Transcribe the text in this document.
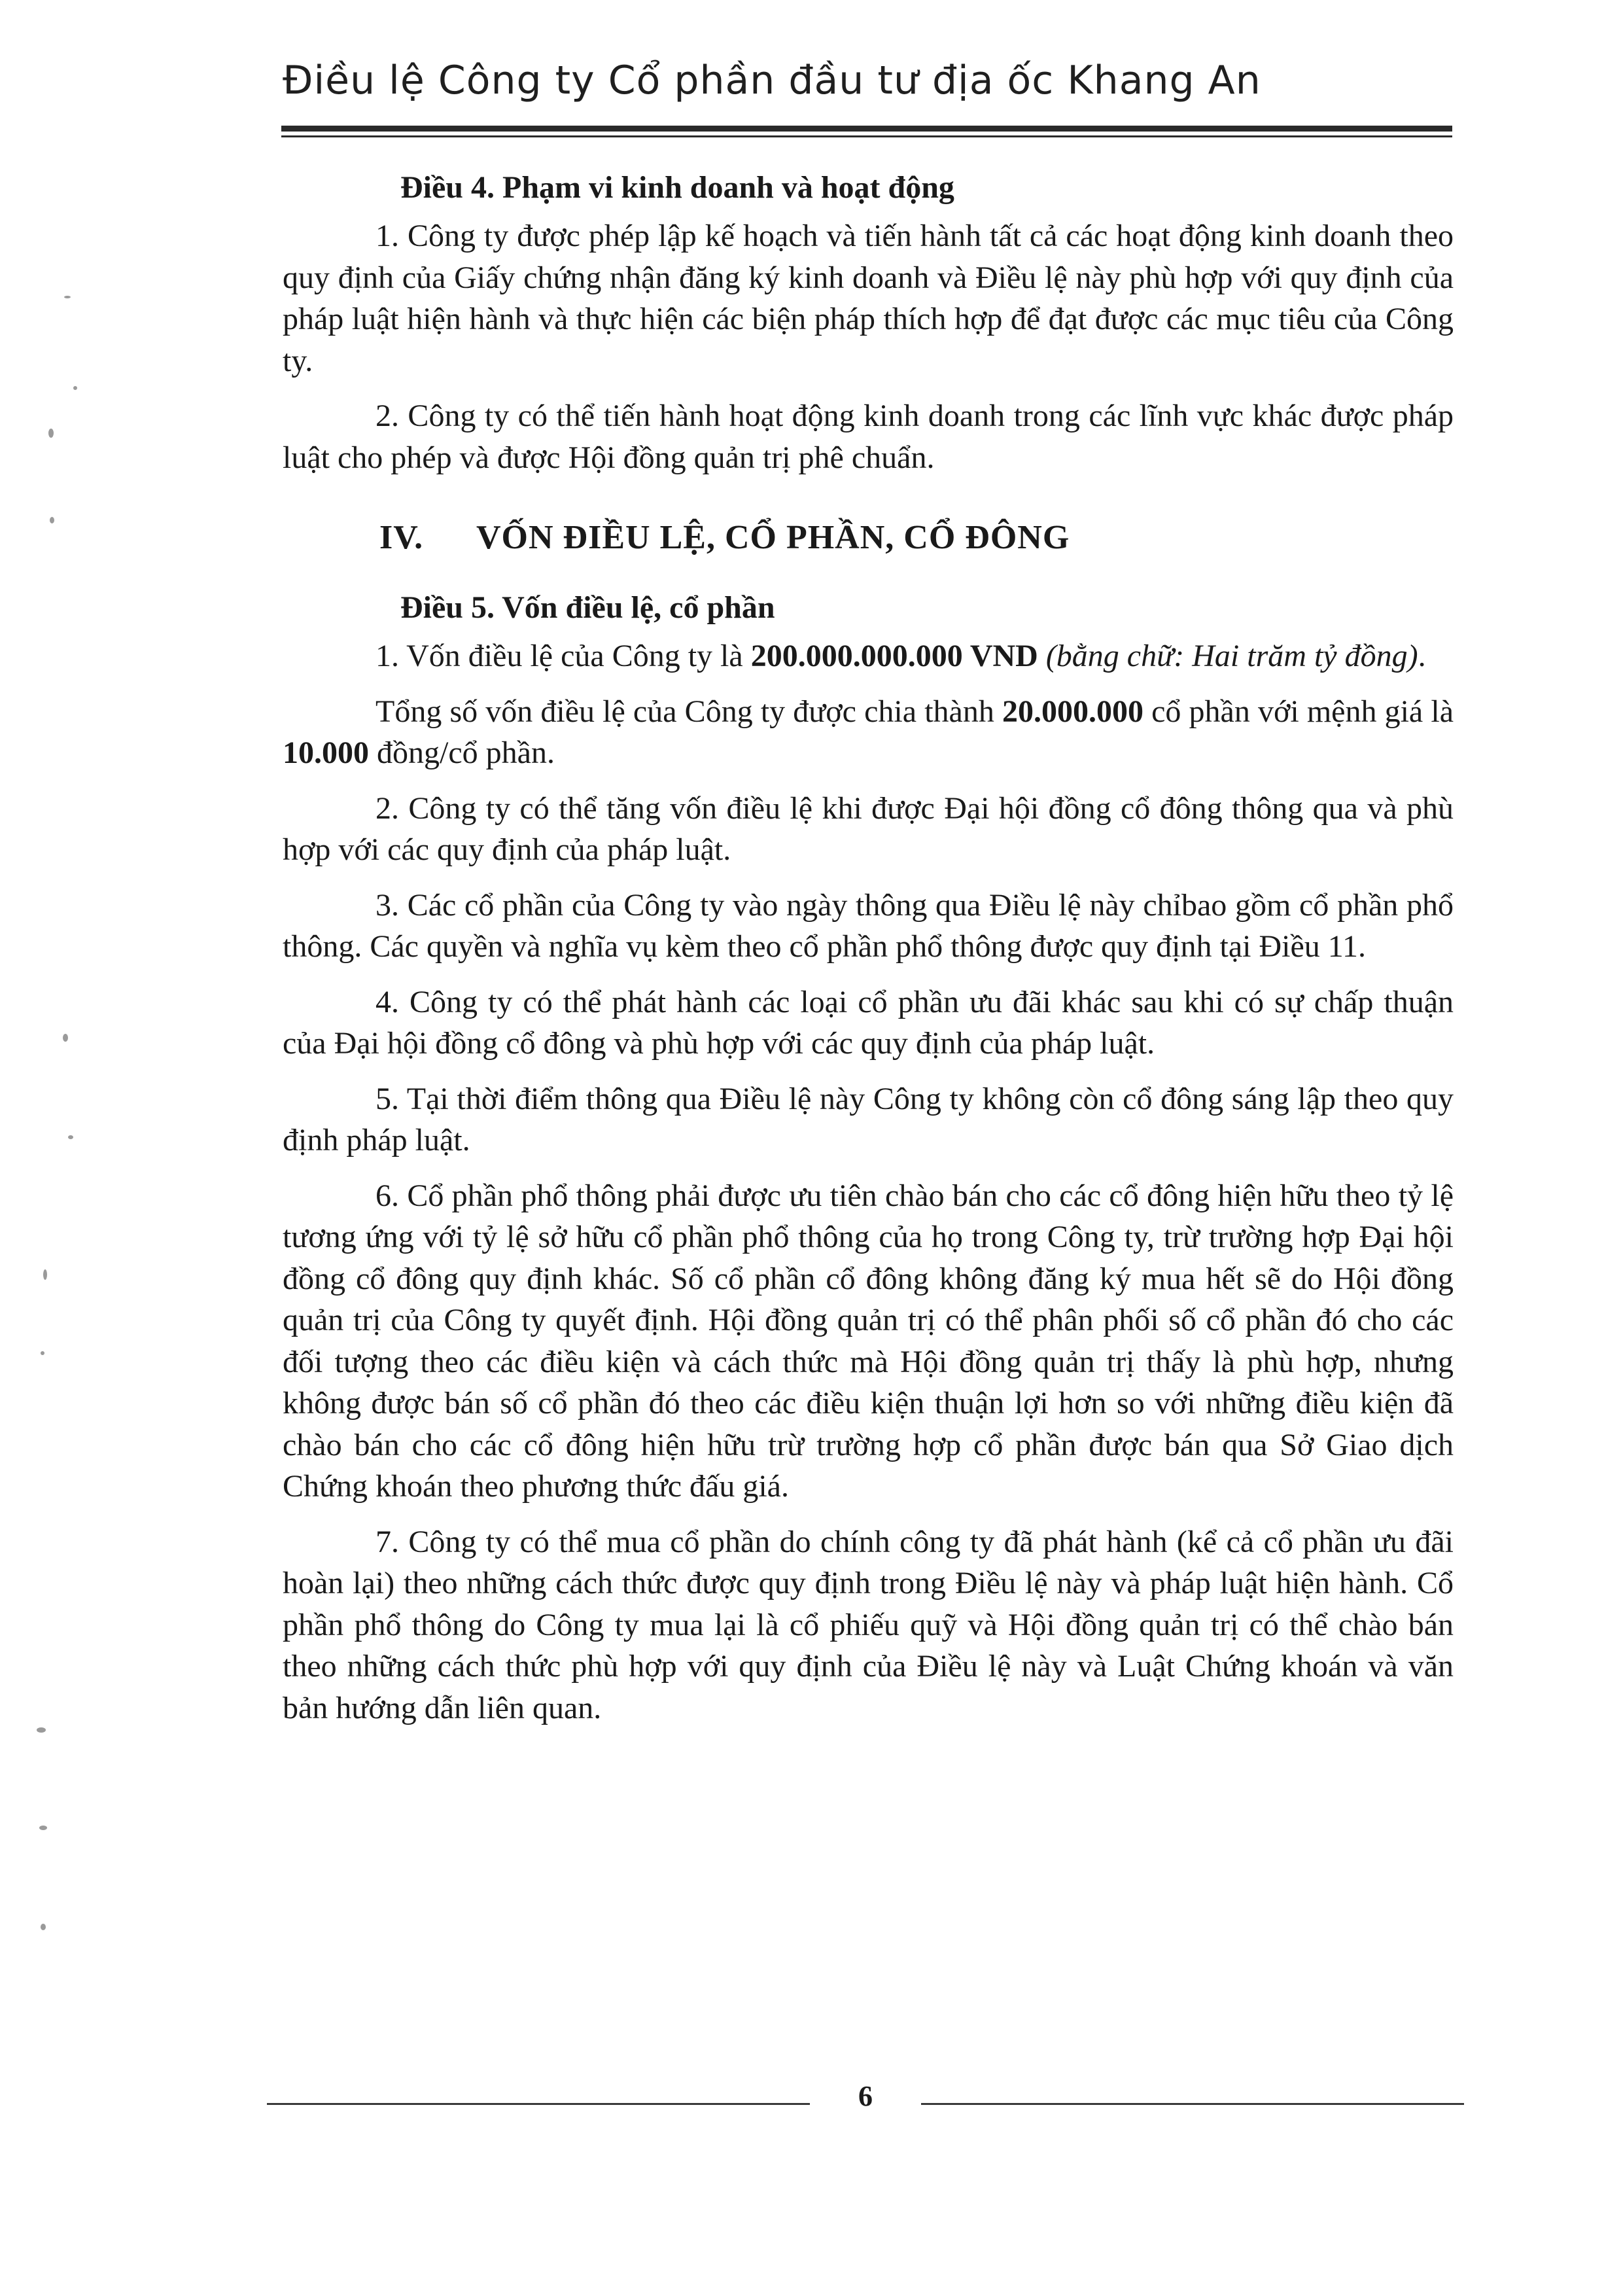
Điều lệ Công ty Cổ phần đầu tư địa ốc Khang An
Điều 4. Phạm vi kinh doanh và hoạt động

1. Công ty được phép lập kế hoạch và tiến hành tất cả các hoạt động kinh doanh theo quy định của Giấy chứng nhận đăng ký kinh doanh và Điều lệ này phù hợp với quy định của pháp luật hiện hành và thực hiện các biện pháp thích hợp để đạt được các mục tiêu của Công ty.

2. Công ty có thể tiến hành hoạt động kinh doanh trong các lĩnh vực khác được pháp luật cho phép và được Hội đồng quản trị phê chuẩn.

IV. VỐN ĐIỀU LỆ, CỔ PHẦN, CỔ ĐÔNG
Điều 5. Vốn điều lệ, cổ phần

1. Vốn điều lệ của Công ty là 200.000.000.000 VND (bằng chữ: Hai trăm tỷ đồng).

Tổng số vốn điều lệ của Công ty được chia thành 20.000.000 cổ phần với mệnh giá là 10.000 đồng/cổ phần.

2. Công ty có thể tăng vốn điều lệ khi được Đại hội đồng cổ đông thông qua và phù hợp với các quy định của pháp luật.

3. Các cổ phần của Công ty vào ngày thông qua Điều lệ này chỉbao gồm cổ phần phổ thông. Các quyền và nghĩa vụ kèm theo cổ phần phổ thông được quy định tại Điều 11.

4. Công ty có thể phát hành các loại cổ phần ưu đãi khác sau khi có sự chấp thuận của Đại hội đồng cổ đông và phù hợp với các quy định của pháp luật.

5. Tại thời điểm thông qua Điều lệ này Công ty không còn cổ đông sáng lập theo quy định pháp luật.

6. Cổ phần phổ thông phải được ưu tiên chào bán cho các cổ đông hiện hữu theo tỷ lệ tương ứng với tỷ lệ sở hữu cổ phần phổ thông của họ trong Công ty, trừ trường hợp Đại hội đồng cổ đông quy định khác. Số cổ phần cổ đông không đăng ký mua hết sẽ do Hội đồng quản trị của Công ty quyết định. Hội đồng quản trị có thể phân phối số cổ phần đó cho các đối tượng theo các điều kiện và cách thức mà Hội đồng quản trị thấy là phù hợp, nhưng không được bán số cổ phần đó theo các điều kiện thuận lợi hơn so với những điều kiện đã chào bán cho các cổ đông hiện hữu trừ trường hợp cổ phần được bán qua Sở Giao dịch Chứng khoán theo phương thức đấu giá.

7. Công ty có thể mua cổ phần do chính công ty đã phát hành (kể cả cổ phần ưu đãi hoàn lại) theo những cách thức được quy định trong Điều lệ này và pháp luật hiện hành. Cổ phần phổ thông do Công ty mua lại là cổ phiếu quỹ và Hội đồng quản trị có thể chào bán theo những cách thức phù hợp với quy định của Điều lệ này và Luật Chứng khoán và văn bản hướng dẫn liên quan.

6
